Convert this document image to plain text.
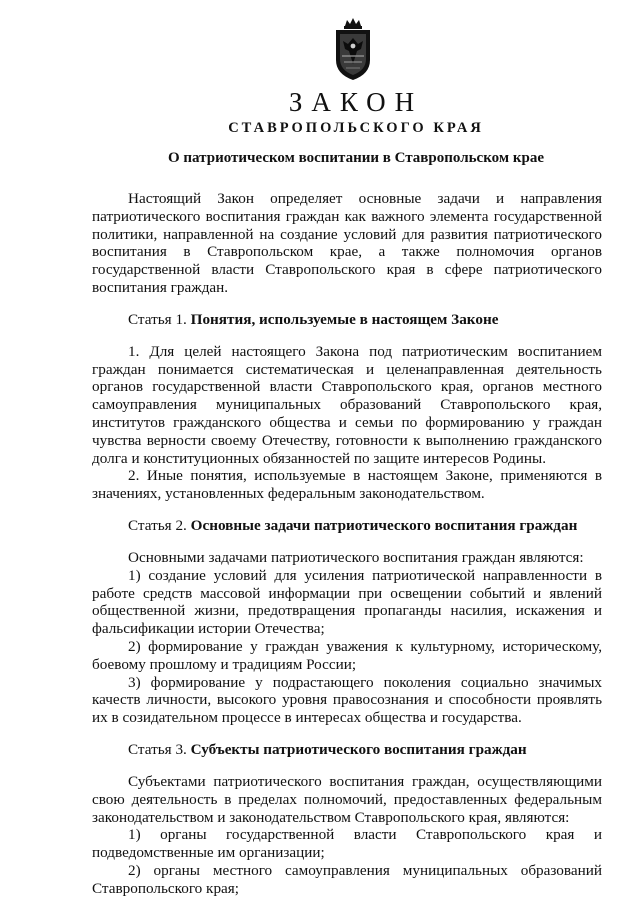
ЗАКОН
СТАВРОПОЛЬСКОГО КРАЯ
О патриотическом воспитании в Ставропольском крае

Настоящий Закон определяет основные задачи и направления патриотического воспитания граждан как важного элемента государственной политики, направленной на создание условий для развития патриотического воспитания в Ставропольском крае, а также полномочия органов государственной власти Ставропольского края в сфере патриотического воспитания граждан.

Статья 1. Понятия, используемые в настоящем Законе

1. Для целей настоящего Закона под патриотическим воспитанием граждан понимается систематическая и целенаправленная деятельность органов государственной власти Ставропольского края, органов местного самоуправления муниципальных образований Ставропольского края, институтов гражданского общества и семьи по формированию у граждан чувства верности своему Отечеству, готовности к выполнению гражданского долга и конституционных обязанностей по защите интересов Родины.

2. Иные понятия, используемые в настоящем Законе, применяются в значениях, установленных федеральным законодательством.

Статья 2. Основные задачи патриотического воспитания граждан

Основными задачами патриотического воспитания граждан являются:

1) создание условий для усиления патриотической направленности в работе средств массовой информации при освещении событий и явлений общественной жизни, предотвращения пропаганды насилия, искажения и фальсификации истории Отечества;

2) формирование у граждан уважения к культурному, историческому, боевому прошлому и традициям России;

3) формирование у подрастающего поколения социально значимых качеств личности, высокого уровня правосознания и способности проявлять их в созидательном процессе в интересах общества и государства.

Статья 3. Субъекты патриотического воспитания граждан

Субъектами патриотического воспитания граждан, осуществляющими свою деятельность в пределах полномочий, предоставленных федеральным законодательством и законодательством Ставропольского края, являются:

1) органы государственной власти Ставропольского края и подведомственные им организации;

2) органы местного самоуправления муниципальных образований Ставропольского края;
